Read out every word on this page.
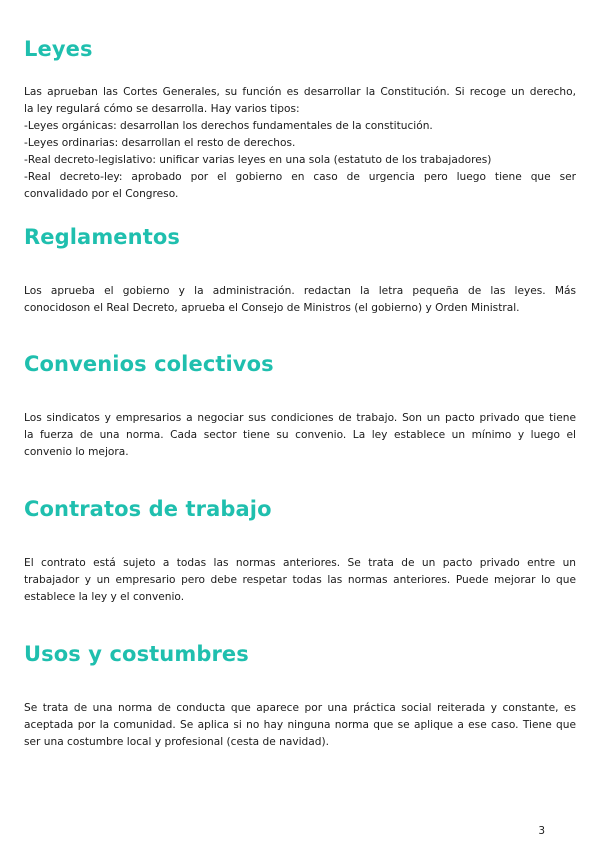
Leyes

Las aprueban las Cortes Generales, su función es desarrollar la Constitución. Si recoge un derecho,

la ley regulará cómo se desarrolla. Hay varios tipos:

-Leyes orgánicas: desarrollan los derechos fundamentales de la constitución.

-Leyes ordinarias: desarrollan el resto de derechos.

-Real decreto-legislativo: unificar varias leyes en una sola (estatuto de los trabajadores)

-Real decreto-ley: aprobado por el gobierno en caso de urgencia pero luego tiene que ser

convalidado por el Congreso.

Reglamentos

Los aprueba el gobierno y la administración. redactan la letra pequeña de las leyes. Más

conocidoson el Real Decreto, aprueba el Consejo de Ministros (el gobierno) y Orden Ministral.

Convenios colectivos

Los sindicatos y empresarios a negociar sus condiciones de trabajo. Son un pacto privado que tiene

la fuerza de una norma. Cada sector tiene su convenio. La ley establece un mínimo y luego el

convenio lo mejora.

Contratos de trabajo

El contrato está sujeto a todas las normas anteriores. Se trata de un pacto privado entre un

trabajador y un empresario pero debe respetar todas las normas anteriores. Puede mejorar lo que

establece la ley y el convenio.

Usos y costumbres

Se trata de una norma de conducta que aparece por una práctica social reiterada y constante, es

aceptada por la comunidad. Se aplica si no hay ninguna norma que se aplique a ese caso. Tiene que

ser una costumbre local y profesional (cesta de navidad).

3
